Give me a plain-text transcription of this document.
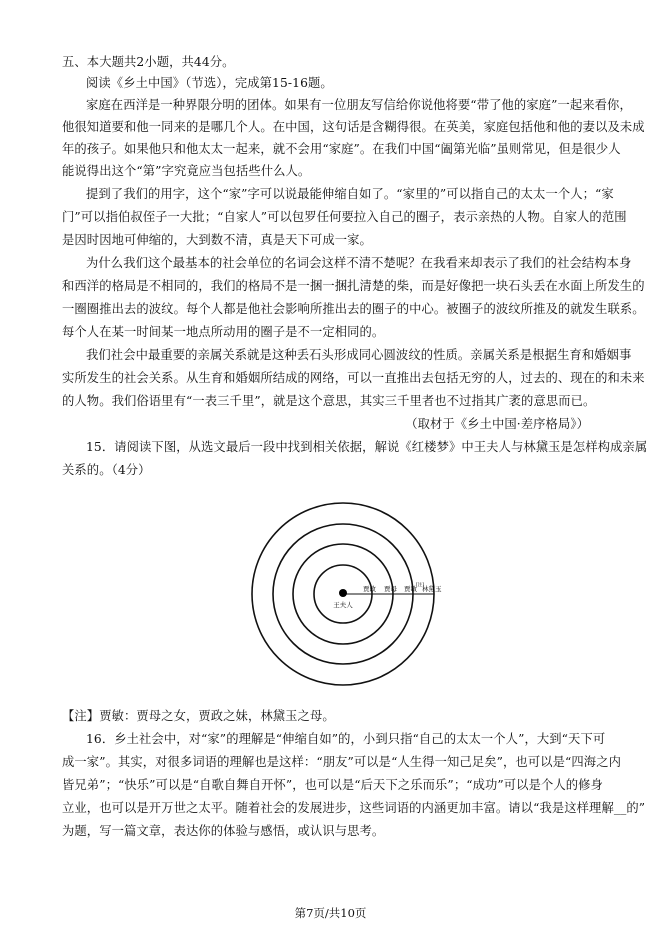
五、本大题共2小题，共44分。
阅读《乡土中国》（节选），完成第15-16题。
家庭在西洋是一种界限分明的团体。如果有一位朋友写信给你说他将要“带了他的家庭”一起来看你，
他很知道要和他一同来的是哪几个人。在中国，这句话是含糊得很。在英美，家庭包括他和他的妻以及未成
年的孩子。如果他只和他太太一起来，就不会用“家庭”。在我们中国“阖第光临”虽则常见，但是很少人
能说得出这个“第”字究竟应当包括些什么人。
提到了我们的用字，这个“家”字可以说最能伸缩自如了。“家里的”可以指自己的太太一个人；“家
门”可以指伯叔侄子一大批；“自家人”可以包罗任何要拉入自己的圈子，表示亲热的人物。自家人的范围
是因时因地可伸缩的，大到数不清，真是天下可成一家。
为什么我们这个最基本的社会单位的名词会这样不清不楚呢？在我看来却表示了我们的社会结构本身
和西洋的格局是不相同的，我们的格局不是一捆一捆扎清楚的柴，而是好像把一块石头丢在水面上所发生的
一圈圈推出去的波纹。每个人都是他社会影响所推出去的圈子的中心。被圈子的波纹所推及的就发生联系。
每个人在某一时间某一地点所动用的圈子是不一定相同的。
我们社会中最重要的亲属关系就是这种丢石头形成同心圆波纹的性质。亲属关系是根据生育和婚姻事
实所发生的社会关系。从生育和婚姻所结成的网络，可以一直推出去包括无穷的人，过去的、现在的和未来
的人物。我们俗语里有“一表三千里”，就是这个意思，其实三千里者也不过指其广袤的意思而已。
（取材于《乡土中国·差序格局》）
15．请阅读下图，从选文最后一段中找到相关依据，解说《红楼梦》中王夫人与林黛玉是怎样构成亲属
关系的。（4分）
王夫人
贾政 贾母 贾敏 [注]
林黛玉
【注】贾敏：贾母之女，贾政之妹，林黛玉之母。
16．乡土社会中，对“家”的理解是“伸缩自如”的，小到只指“自己的太太一个人”，大到“天下可
成一家”。其实，对很多词语的理解也是这样：“朋友”可以是“人生得一知己足矣”，也可以是“四海之内
皆兄弟”；“快乐”可以是“自歌自舞自开怀”，也可以是“后天下之乐而乐”；“成功”可以是个人的修身
立业，也可以是开万世之太平。随着社会的发展进步，这些词语的内涵更加丰富。请以“我是这样理解__的”
为题，写一篇文章，表达你的体验与感悟，或认识与思考。
第7页/共10页
